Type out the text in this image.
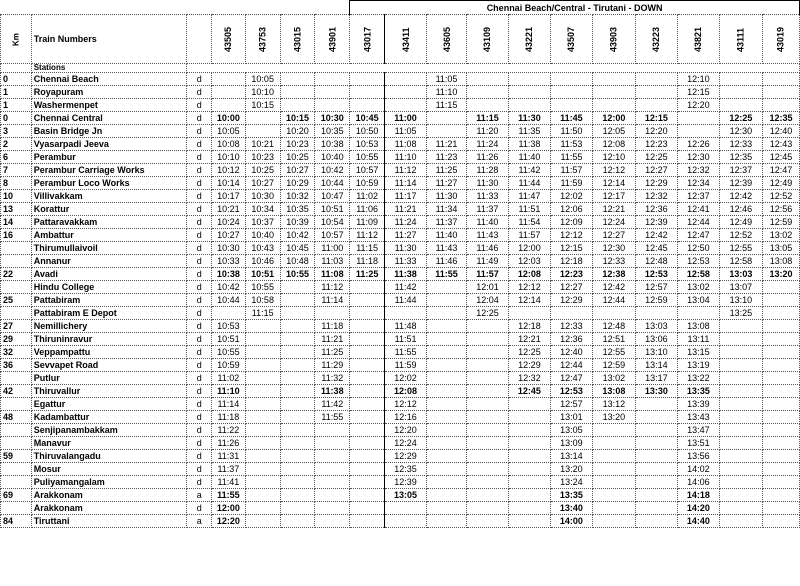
							Chennai Beach/Central - Tirutani - DOWN										
Km	Train Numbers		43505	43753	43015	43901	43017	43411	43605	43109	43221	43507	43903	43223	43821	43111	43019
	Stations																
0	Chennai Beach	d		10:05					11:05						12:10		
1	Royapuram	d		10:10					11:10						12:15		
1	Washermenpet	d		10:15					11:15						12:20		
0	Chennai Central	d	10:00		10:15	10:30	10:45	11:00		11:15	11:30	11:45	12:00	12:15		12:25	12:35
3	Basin Bridge Jn	d	10:05		10:20	10:35	10:50	11:05		11:20	11:35	11:50	12:05	12:20		12:30	12:40
2	Vyasarpadi Jeeva	d	10:08	10:21	10:23	10:38	10:53	11:08	11:21	11:24	11:38	11:53	12:08	12:23	12:26	12:33	12:43
6	Perambur	d	10:10	10:23	10:25	10:40	10:55	11:10	11:23	11:26	11:40	11:55	12:10	12:25	12:30	12:35	12:45
7	Perambur Carriage Works	d	10:12	10:25	10:27	10:42	10:57	11:12	11:25	11:28	11:42	11:57	12:12	12:27	12:32	12:37	12:47
8	Perambur Loco Works	d	10:14	10:27	10:29	10:44	10:59	11:14	11:27	11:30	11:44	11:59	12:14	12:29	12:34	12:39	12:49
10	Villivakkam	d	10:17	10:30	10:32	10:47	11:02	11:17	11:30	11:33	11:47	12:02	12:17	12:32	12:37	12:42	12:52
13	Korattur	d	10:21	10:34	10:35	10:51	11:06	11:21	11:34	11:37	11:51	12:06	12:21	12:36	12:41	12:46	12:56
14	Pattaravakkam	d	10:24	10:37	10:39	10:54	11:09	11:24	11:37	11:40	11:54	12:09	12:24	12:39	12:44	12:49	12:59
16	Ambattur	d	10:27	10:40	10:42	10:57	11:12	11:27	11:40	11:43	11:57	12:12	12:27	12:42	12:47	12:52	13:02
	Thirumullaivoil	d	10:30	10:43	10:45	11:00	11:15	11:30	11:43	11:46	12:00	12:15	12:30	12:45	12:50	12:55	13:05
	Annanur	d	10:33	10:46	10:48	11:03	11:18	11:33	11:46	11:49	12:03	12:18	12:33	12:48	12:53	12:58	13:08
22	Avadi	d	10:38	10:51	10:55	11:08	11:25	11:38	11:55	11:57	12:08	12:23	12:38	12:53	12:58	13:03	13:20
	Hindu College	d	10:42	10:55		11:12		11:42		12:01	12:12	12:27	12:42	12:57	13:02	13:07	
25	Pattabiram	d	10:44	10:58		11:14		11:44		12:04	12:14	12:29	12:44	12:59	13:04	13:10	
	Pattabiram E Depot	d		11:15						12:25						13:25	
27	Nemillichery	d	10:53			11:18		11:48			12:18	12:33	12:48	13:03	13:08		
29	Thiruninravur	d	10:51			11:21		11:51			12:21	12:36	12:51	13:06	13:11		
32	Veppampattu	d	10:55			11:25		11:55			12:25	12:40	12:55	13:10	13:15		
36	Sevvapet Road	d	10:59			11:29		11:59			12:29	12:44	12:59	13:14	13:19		
	Putlur	d	11:02			11:32		12:02			12:32	12:47	13:02	13:17	13:22		
42	Thiruvallur	d	11:10			11:38		12:08			12:45	12:53	13:08	13:30	13:35		
	Egattur	d	11:14			11:42		12:12				12:57	13:12		13:39		
48	Kadambattur	d	11:18			11:55		12:16				13:01	13:20		13:43		
	Senjipanambakkam	d	11:22					12:20				13:05			13:47		
	Manavur	d	11:26					12:24				13:09			13:51		
59	Thiruvalangadu	d	11:31					12:29				13:14			13:56		
	Mosur	d	11:37					12:35				13:20			14:02		
	Puliyamangalam	d	11:41					12:39				13:24			14:06		
69	Arakkonam	a	11:55					13:05				13:35			14:18		
	Arakkonam	d	12:00									13:40			14:20		
84	Tiruttani	a	12:20									14:00			14:40		
